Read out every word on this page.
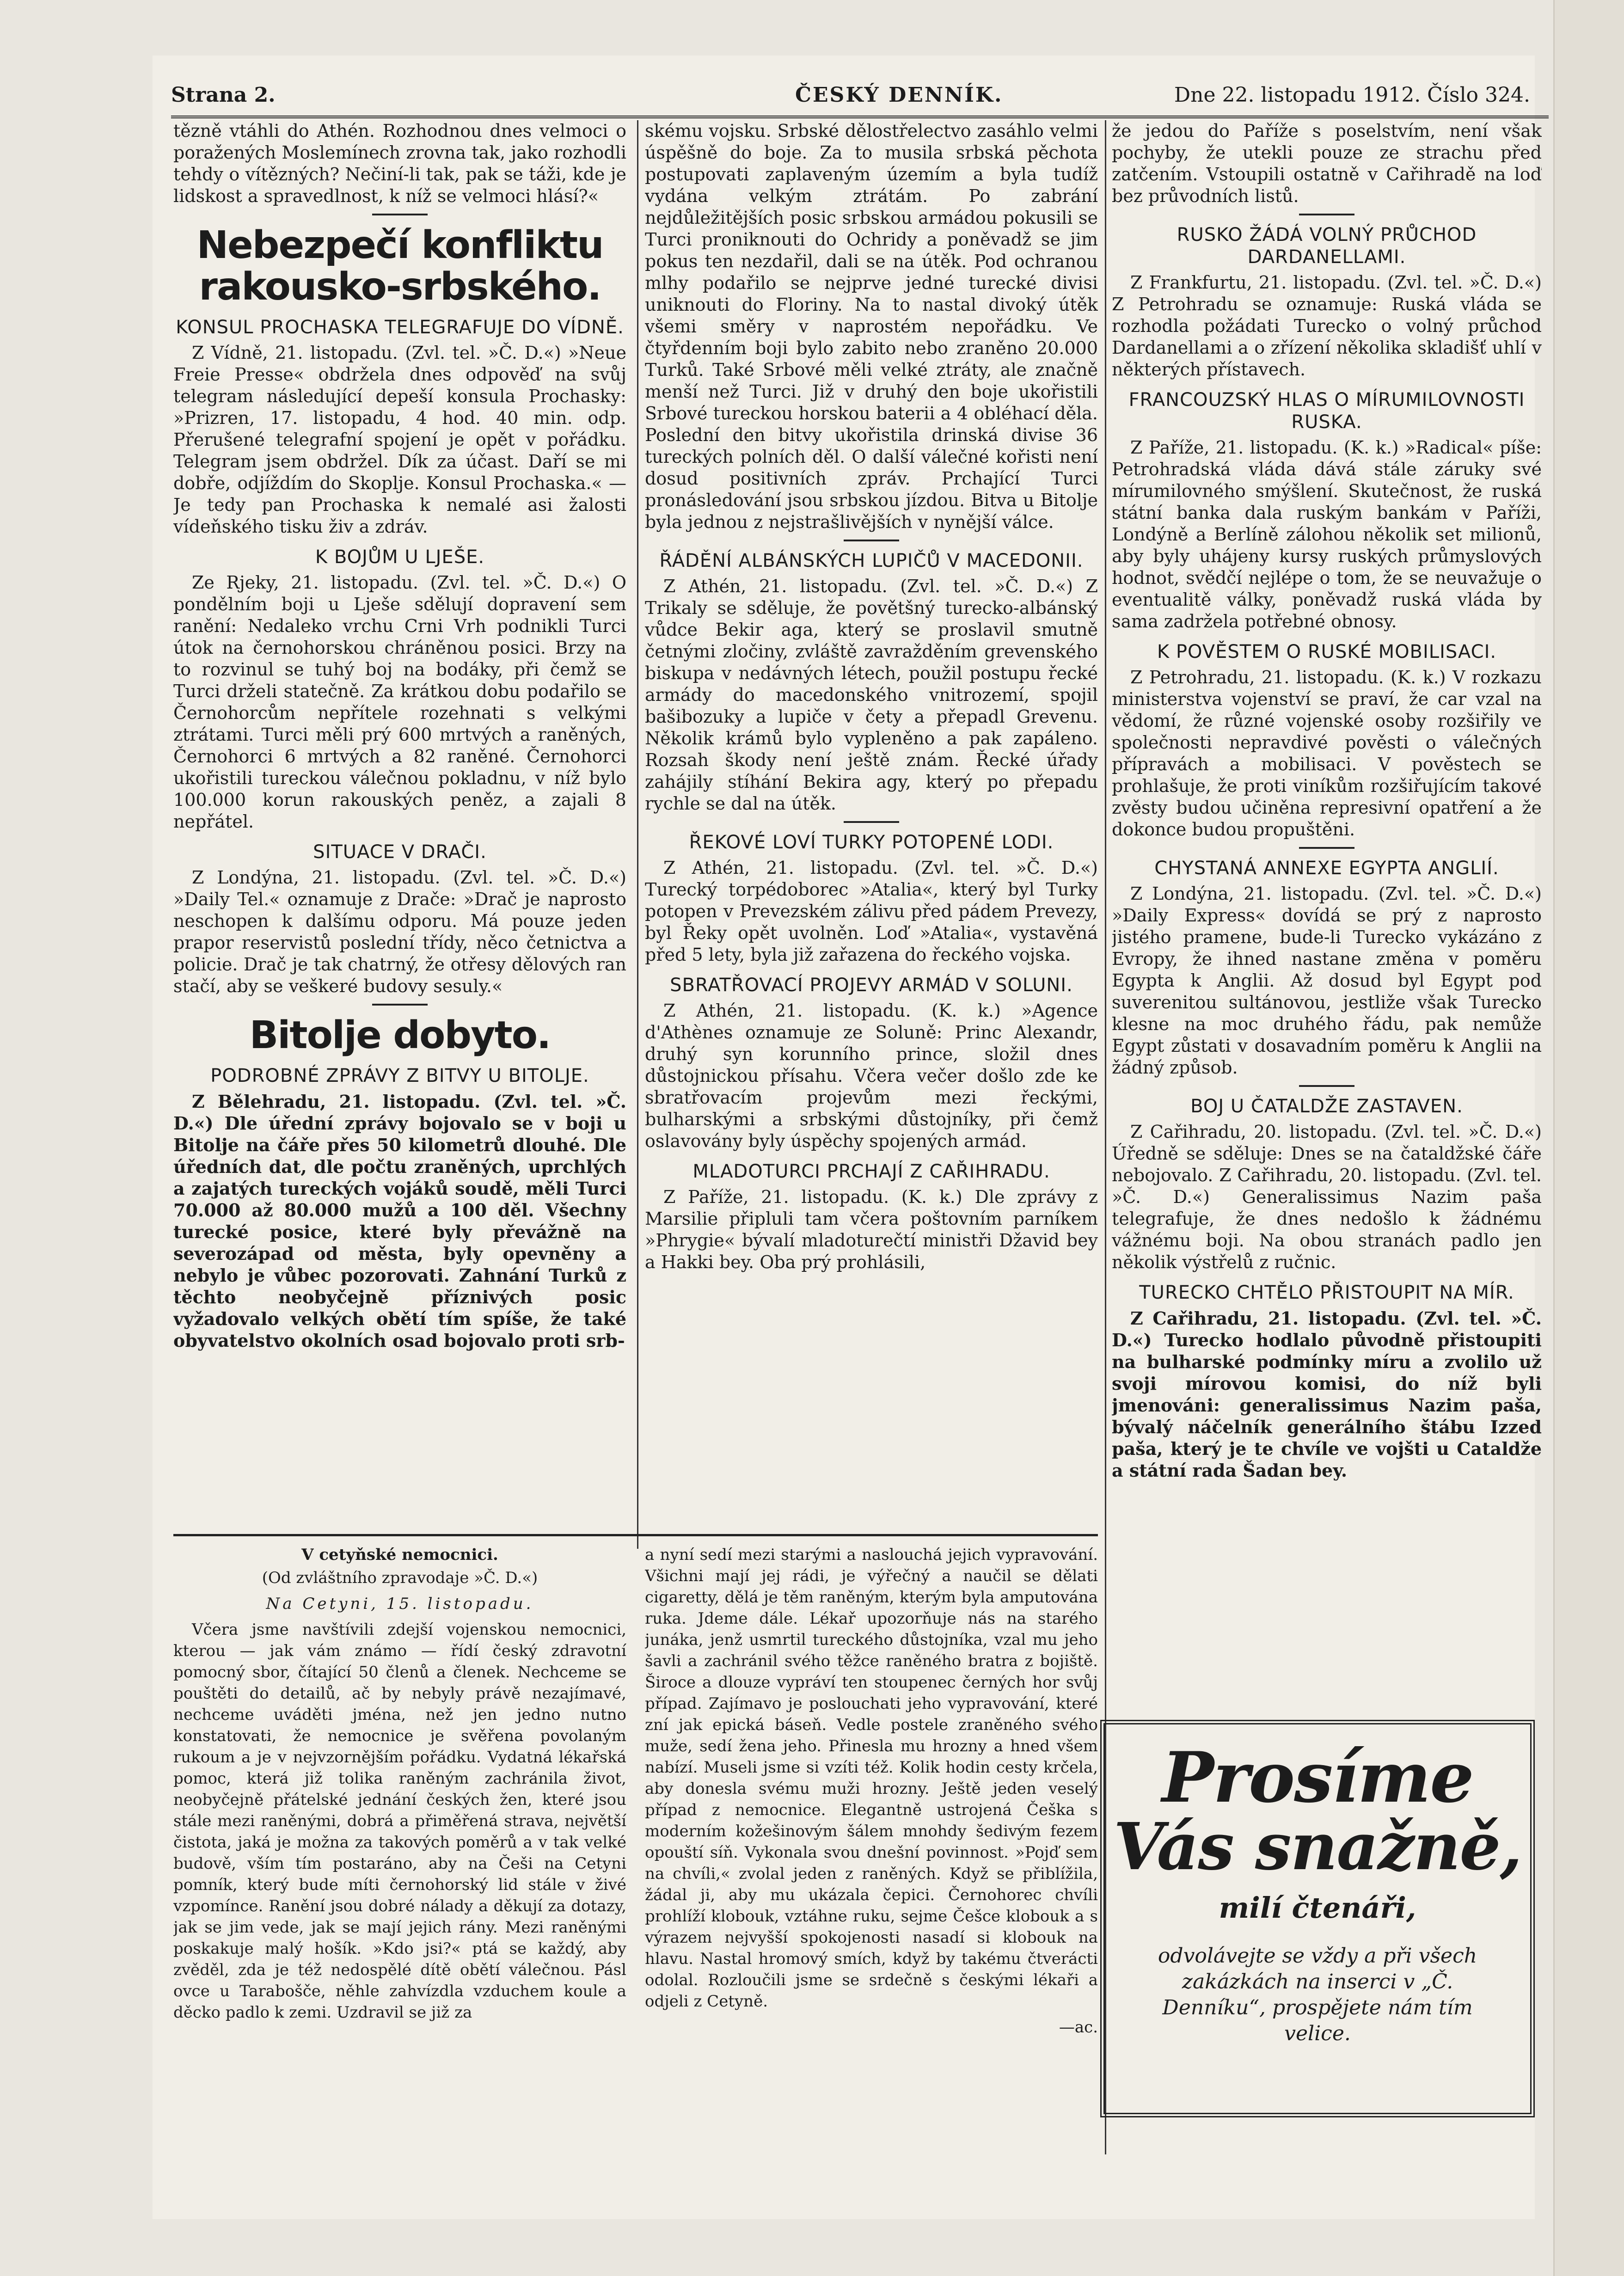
Strana 2.	ČESKÝ DENNÍK.	Dne 22. listopadu 1912. Číslo 324.

tězně vtáhli do Athén. Rozhodnou dnes velmoci o poražených Moslemínech zrovna tak, jako rozhodli tehdy o vítězných? Nečiní-li tak, pak se táži, kde je lidskost a spravedlnost, k níž se velmoci hlásí?«

Nebezpečí konfliktu rakousko-srbského.
KONSUL PROCHASKA TELEGRAFUJE DO VÍDNĚ.

Z Vídně, 21. listopadu. (Zvl. tel. »Č. D.«) »Neue Freie Presse« obdržela dnes odpověď na svůj telegram následující depeší konsula Prochasky: »Prizren, 17. listopadu, 4 hod. 40 min. odp. Přerušené telegrafní spojení je opět v pořádku. Telegram jsem obdržel. Dík za účast. Daří se mi dobře, odjíždím do Skoplje. Konsul Prochaska.« — Je tedy pan Prochaska k nemalé asi žalosti vídeňského tisku živ a zdráv.

K BOJŮM U LJEŠE.

Ze Rjeky, 21. listopadu. (Zvl. tel. »Č. D.«) O pondělním boji u Lješe sdělují dopravení sem ranění: Nedaleko vrchu Crni Vrh podnikli Turci útok na černohorskou chráněnou posici. Brzy na to rozvinul se tuhý boj na bodáky, při čemž se Turci drželi statečně. Za krátkou dobu podařilo se Černohorcům nepřítele rozehnati s velkými ztrátami. Turci měli prý 600 mrtvých a raněných, Černohorci 6 mrtvých a 82 raněné. Černohorci ukořistili tureckou válečnou pokladnu, v níž bylo 100.000 korun rakouských peněz, a zajali 8 nepřátel.

SITUACE V DRAČI.

Z Londýna, 21. listopadu. (Zvl. tel. »Č. D.«) »Daily Tel.« oznamuje z Drače: »Drač je naprosto neschopen k dalšímu odporu. Má pouze jeden prapor reservistů poslední třídy, něco četnictva a policie. Drač je tak chatrný, že otřesy dělových ran stačí, aby se veškeré budovy sesuly.«

Bitolje dobyto.
PODROBNÉ ZPRÁVY Z BITVY U BITOLJE.

Z Bělehradu, 21. listopadu. (Zvl. tel. »Č. D.«) Dle úřední zprávy bojovalo se v boji u Bitolje na čáře přes 50 kilometrů dlouhé. Dle úředních dat, dle počtu zraněných, uprchlých a zajatých tureckých vojáků soudě, měli Turci 70.000 až 80.000 mužů a 100 děl. Všechny turecké posice, které byly převážně na severozápad od města, byly opevněny a nebylo je vůbec pozorovati. Zahnání Turků z těchto neobyčejně příznivých posic vyžadovalo velkých obětí tím spíše, že také obyvatelstvo okolních osad bojovalo proti srb-

skému vojsku. Srbské dělostřelectvo zasáhlo velmi úspěšně do boje. Za to musila srbská pěchota postupovati zaplaveným územím a byla tudíž vydána velkým ztrátám. Po zabrání nejdůležitějších posic srbskou armádou pokusili se Turci proniknouti do Ochridy a poněvadž se jim pokus ten nezdařil, dali se na útěk. Pod ochranou mlhy podařilo se nejprve jedné turecké divisi uniknouti do Floriny. Na to nastal divoký útěk všemi směry v naprostém nepořádku. Ve čtyřdenním boji bylo zabito nebo zraněno 20.000 Turků. Také Srbové měli velké ztráty, ale značně menší než Turci. Již v druhý den boje ukořistili Srbové tureckou horskou baterii a 4 obléhací děla. Poslední den bitvy ukořistila drinská divise 36 tureckých polních děl. O další válečné kořisti není dosud positivních zpráv. Prchající Turci pronásledování jsou srbskou jízdou. Bitva u Bitolje byla jednou z nejstrašlivějších v nynější válce.

ŘÁDĚNÍ ALBÁNSKÝCH LUPIČŮ V MACEDONII.

Z Athén, 21. listopadu. (Zvl. tel. »Č. D.«) Z Trikaly se sděluje, že povětšný turecko-albánský vůdce Bekir aga, který se proslavil smutně četnými zločiny, zvláště zavražděním grevenského biskupa v nedávných létech, použil postupu řecké armády do macedonského vnitrozemí, spojil bašibozuky a lupiče v čety a přepadl Grevenu. Několik krámů bylo vypleněno a pak zapáleno. Rozsah škody není ještě znám. Řecké úřady zahájily stíhání Bekira agy, který po přepadu rychle se dal na útěk.

ŘEKOVÉ LOVÍ TURKY POTOPENÉ LODI.

Z Athén, 21. listopadu. (Zvl. tel. »Č. D.«) Turecký torpédoborec »Atalia«, který byl Turky potopen v Prevezském zálivu před pádem Prevezy, byl Řeky opět uvolněn. Loď »Atalia«, vystavěná před 5 lety, byla již zařazena do řeckého vojska.

SBRATŘOVACÍ PROJEVY ARMÁD V SOLUNI.

Z Athén, 21. listopadu. (K. k.) »Agence d'Athènes oznamuje ze Soluně: Princ Alexandr, druhý syn korunního prince, složil dnes důstojnickou přísahu. Včera večer došlo zde ke sbratřovacím projevům mezi řeckými, bulharskými a srbskými důstojníky, při čemž oslavovány byly úspěchy spojených armád.

MLADOTURCI PRCHAJÍ Z CAŘIHRADU.

Z Paříže, 21. listopadu. (K. k.) Dle zprávy z Marsilie připluli tam včera poštovním parníkem »Phrygie« bývalí mladoturečtí ministři Džavid bey a Hakki bey. Oba prý prohlásili,

že jedou do Paříže s poselstvím, není však pochyby, že utekli pouze ze strachu před zatčením. Vstoupili ostatně v Cařihradě na loď bez průvodních listů.

RUSKO ŽÁDÁ VOLNÝ PRŮCHOD DARDANELLAMI.

Z Frankfurtu, 21. listopadu. (Zvl. tel. »Č. D.«) Z Petrohradu se oznamuje: Ruská vláda se rozhodla požádati Turecko o volný průchod Dardanellami a o zřízení několika skladišť uhlí v některých přístavech.

FRANCOUZSKÝ HLAS O MÍRUMILOVNOSTI RUSKA.

Z Paříže, 21. listopadu. (K. k.) »Radical« píše: Petrohradská vláda dává stále záruky své mírumilovného smýšlení. Skutečnost, že ruská státní banka dala ruským bankám v Paříži, Londýně a Berlíně zálohou několik set milionů, aby byly uhájeny kursy ruských průmyslových hodnot, svědčí nejlépe o tom, že se neuvažuje o eventualitě války, poněvadž ruská vláda by sama zadržela potřebné obnosy.

K POVĚSTEM O RUSKÉ MOBILISACI.

Z Petrohradu, 21. listopadu. (K. k.) V rozkazu ministerstva vojenství se praví, že car vzal na vědomí, že různé vojenské osoby rozšiřily ve společnosti nepravdivé pověsti o válečných přípravách a mobilisaci. V pověstech se prohlašuje, že proti viníkům rozšiřujícím takové zvěsty budou učiněna represivní opatření a že dokonce budou propuštěni.

CHYSTANÁ ANNEXE EGYPTA ANGLIÍ.

Z Londýna, 21. listopadu. (Zvl. tel. »Č. D.«) »Daily Express« dovídá se prý z naprosto jistého pramene, bude-li Turecko vykázáno z Evropy, že ihned nastane změna v poměru Egypta k Anglii. Až dosud byl Egypt pod suverenitou sultánovou, jestliže však Turecko klesne na moc druhého řádu, pak nemůže Egypt zůstati v dosavadním poměru k Anglii na žádný způsob.

BOJ U ČATALDŽE ZASTAVEN.

Z Cařihradu, 20. listopadu. (Zvl. tel. »Č. D.«) Úředně se sděluje: Dnes se na čataldžské čáře nebojovalo. Z Cařihradu, 20. listopadu. (Zvl. tel. »Č. D.«) Generalissimus Nazim paša telegrafuje, že dnes nedošlo k žádnému vážnému boji. Na obou stranách padlo jen několik výstřelů z ručnic.

TURECKO CHTĚLO PŘISTOUPIT NA MÍR.

Z Cařihradu, 21. listopadu. (Zvl. tel. »Č. D.«) Turecko hodlalo původně přistoupiti na bulharské podmínky míru a zvolilo už svoji mírovou komisi, do níž byli jmenováni: generalissimus Nazim paša, bývalý náčelník generálního štábu Izzed paša, který je te chvíle ve vojšti u Cataldže a státní rada Šadan bey.

V cetyňské nemocnici.

(Od zvláštního zpravodaje »Č. D.«)

Na Cetyni, 15. listopadu.

Včera jsme navštívili zdejší vojenskou nemocnici, kterou — jak vám známo — řídí český zdravotní pomocný sbor, čítající 50 členů a členek. Nechceme se pouštěti do detailů, ač by nebyly právě nezajímavé, nechceme uváděti jména, než jen jedno nutno konstatovati, že nemocnice je svěřena povolaným rukoum a je v nejvzornějším pořádku. Vydatná lékařská pomoc, která již tolika raněným zachránila život, neobyčejně přátelské jednání českých žen, které jsou stále mezi raněnými, dobrá a přiměřená strava, největší čistota, jaká je možna za takových poměrů a v tak velké budově, vším tím postaráno, aby na Češi na Cetyni pomník, který bude míti černohorský lid stále v živé vzpomínce. Ranění jsou dobré nálady a děkují za dotazy, jak se jim vede, jak se mají jejich rány. Mezi raněnými poskakuje malý hošík. »Kdo jsi?« ptá se každý, aby zvěděl, zda je též nedospělé dítě obětí válečnou. Pásl ovce u Tarabošče, něhle zahvízdla vzduchem koule a děcko padlo k zemi. Uzdravil se již za

a nyní sedí mezi starými a naslouchá jejich vypravování. Všichni mají jej rádi, je výřečný a naučil se dělati cigaretty, dělá je těm raněným, kterým byla amputována ruka. Jdeme dále. Lékař upozorňuje nás na starého junáka, jenž usmrtil tureckého důstojníka, vzal mu jeho šavli a zachránil svého těžce raněného bratra z bojiště. Široce a dlouze vypráví ten stoupenec černých hor svůj případ. Zajímavo je poslouchati jeho vypravování, které zní jak epická báseň. Vedle postele zraněného svého muže, sedí žena jeho. Přinesla mu hrozny a hned všem nabízí. Museli jsme si vzíti též. Kolik hodin cesty krčela, aby donesla svému muži hrozny. Ještě jeden veselý případ z nemocnice. Elegantně ustrojená Češka s moderním kožešinovým šálem mnohdy šedivým fezem opouští síň. Vykonala svou dnešní povinnost. »Pojď sem na chvíli,« zvolal jeden z raněných. Když se přiblížila, žádal ji, aby mu ukázala čepici. Černohorec chvíli prohlíží klobouk, vztáhne ruku, sejme Češce klobouk a s výrazem nejvyšší spokojenosti nasadí si klobouk na hlavu. Nastal hromový smích, když by takému čtverácti odolal. Rozloučili jsme se srdečně s českými lékaři a odjeli z Cetyně.

—ac.

Prosíme
Vás snažně,
milí čtenáři,
odvolávejte se vždy a při všech zakázkách na inserci v „Č. Denníku“, prospějete nám tím velice.
